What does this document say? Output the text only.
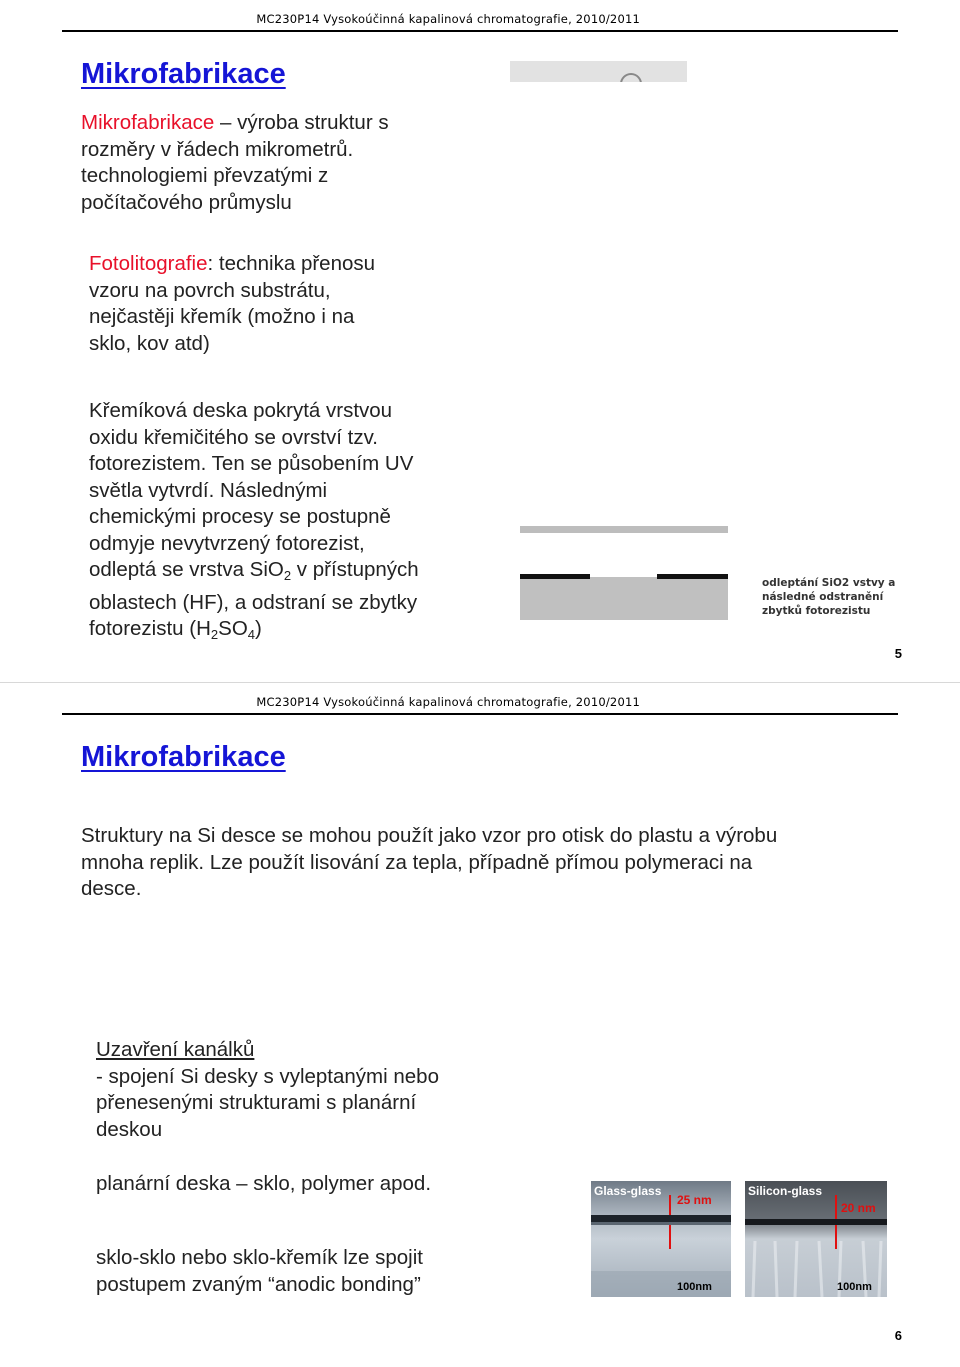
MC230P14 Vysokoúčinná kapalinová chromatografie, 2010/2011
Mikrofabrikace
Mikrofabrikace – výroba struktur s
rozměry v řádech mikrometrů.
technologiemi převzatými z
počítačového průmyslu
Fotolitografie: technika přenosu
vzoru na povrch substrátu,
nejčastěji křemík (možno i na
sklo, kov atd)
Křemíková deska pokrytá vrstvou
oxidu křemičitého se ovrství tzv.
fotorezistem. Ten se působením UV
světla vytvrdí. Následnými
chemickými procesy se postupně
odmyje nevytvrzený fotorezist,
odleptá se vrstva SiO$_2$ v přístupných
oblastech (HF), a odstraní se zbytky
fotorezistu $(H_2SO_4)$
odleptání SiO2 vstvy a
následné odstranění
zbytků fotorezistu
5
MC230P14 Vysokoúčinná kapalinová chromatografie, 2010/2011
Mikrofabrikace
Struktury na Si desce se mohou použít jako vzor pro otisk do plastu a výrobu
mnoha replik. Lze použít lisování za tepla, případně přímou polymeraci na
desce.
Uzavření kanálků
- spojení Si desky s vyleptanými nebo
přenesenými strukturami s planární
deskou
planární deska – sklo, polymer apod.
sklo-sklo nebo sklo-křemík lze spojit
postupem zvaným “anodic bonding”
Glass-glass
25 nm
100nm
Silicon-glass
20 nm
100nm
6
